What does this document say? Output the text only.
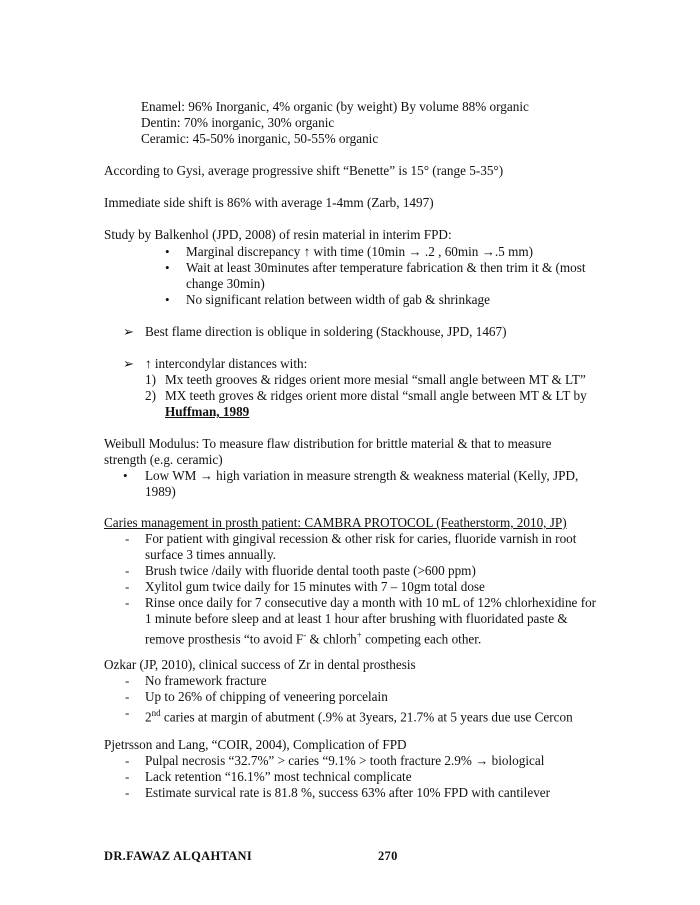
Enamel: 96% Inorganic, 4% organic (by weight) By volume 88% organic
Dentin: 70% inorganic, 30% organic
Ceramic: 45-50% inorganic, 50-55% organic
According to Gysi, average progressive shift “Benette” is 15° (range 5-35°)
Immediate side shift is 86% with average 1-4mm (Zarb, 1497)
Study by Balkenhol (JPD, 2008) of resin material in interim FPD:
• Marginal discrepancy ↑ with time (10min → .2 , 60min →.5 mm)
• Wait at least 30minutes after temperature fabrication & then trim it & (most
change 30min)
• No significant relation between width of gab & shrinkage
➢ Best flame direction is oblique in soldering (Stackhouse, JPD, 1467)
➢ ↑ intercondylar distances with:
1) Mx teeth grooves & ridges orient more mesial “small angle between MT & LT”
2) MX teeth groves & ridges orient more distal “small angle between MT & LT by
Huffman, 1989
Weibull Modulus: To measure flaw distribution for brittle material & that to measure
strength (e.g. ceramic)
• Low WM → high variation in measure strength & weakness material (Kelly, JPD,
1989)
Caries management in prosth patient: CAMBRA PROTOCOL (Featherstorm, 2010, JP)
- For patient with gingival recession & other risk for caries, fluoride varnish in root
surface 3 times annually.
- Brush twice /daily with fluoride dental tooth paste (>600 ppm)
- Xylitol gum twice daily for 15 minutes with 7 – 10gm total dose
- Rinse once daily for 7 consecutive day a month with 10 mL of 12% chlorhexidine for
1 minute before sleep and at least 1 hour after brushing with fluoridated paste &
remove prosthesis “to avoid F- & chlorh+ competing each other.
Ozkar (JP, 2010), clinical success of Zr in dental prosthesis
- No framework fracture
- Up to 26% of chipping of veneering porcelain
- 2nd caries at margin of abutment (.9% at 3years, 21.7% at 5 years due use Cercon
Pjetrsson and Lang, “COIR, 2004), Complication of FPD
- Pulpal necrosis “32.7%” > caries “9.1% > tooth fracture 2.9% → biological
- Lack retention “16.1%” most technical complicate
- Estimate survical rate is 81.8 %, success 63% after 10% FPD with cantilever
DR.FAWAZ ALQAHTANI	270
